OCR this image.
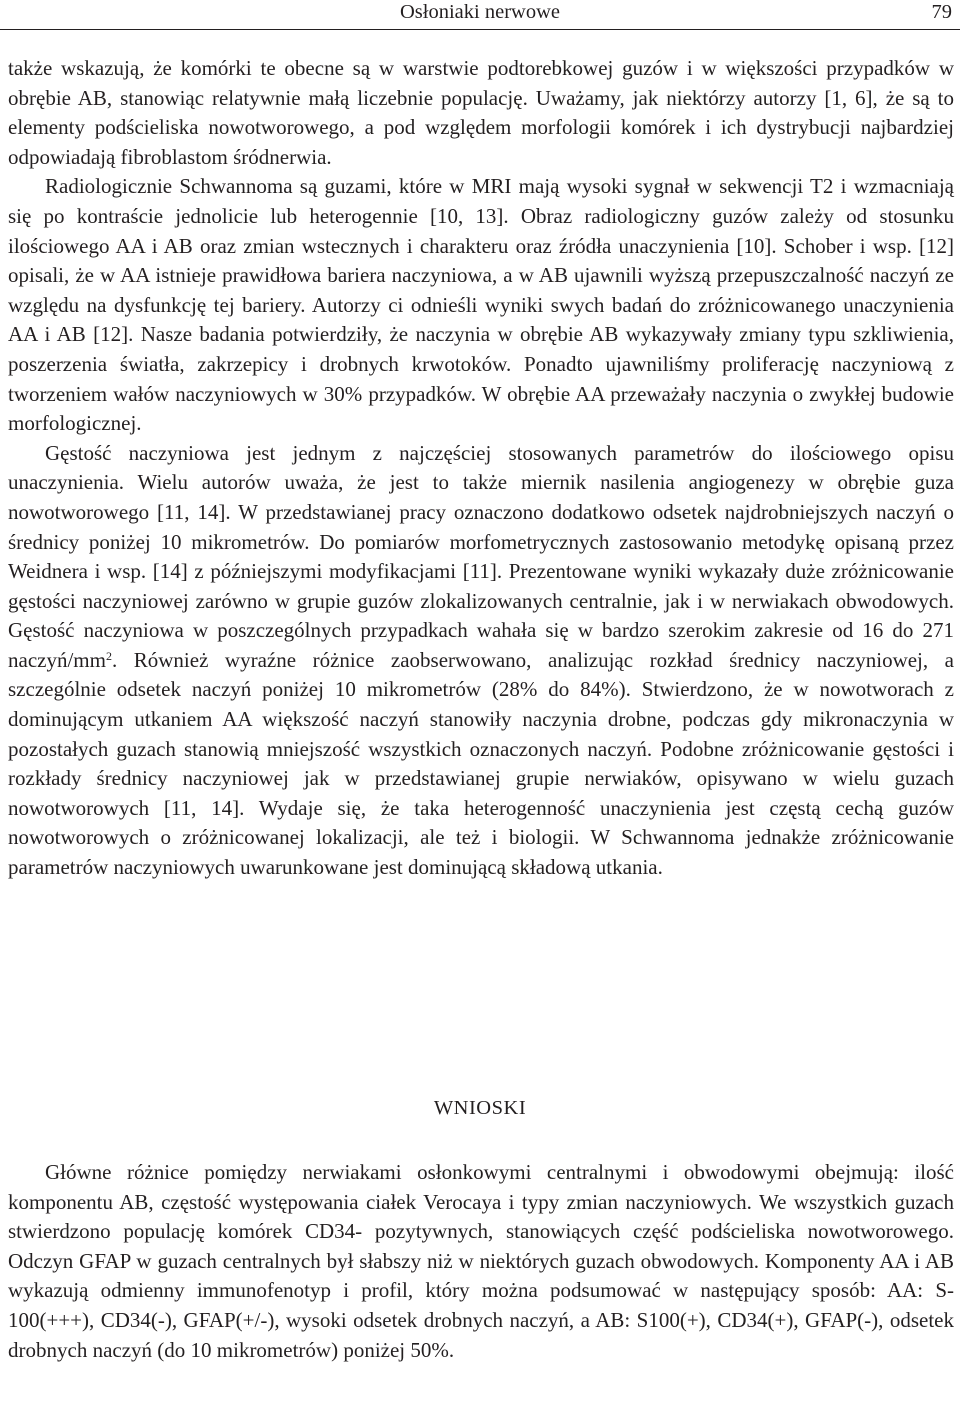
Osłoniaki nerwowe	79

także wskazują, że komórki te obecne są w warstwie podtorebkowej guzów i w większości przypadków w obrębie AB, stanowiąc relatywnie małą liczebnie populację. Uważamy, jak niektórzy autorzy [1, 6], że są to elementy podścieliska nowotworowego, a pod względem morfologii komórek i ich dystrybucji najbardziej odpowiadają fibroblastom śródnerwia.

Radiologicznie Schwannoma są guzami, które w MRI mają wysoki sygnał w sekwencji T2 i wzmacniają się po kontraście jednolicie lub heterogennie [10, 13]. Obraz radiologiczny guzów zależy od stosunku ilościowego AA i AB oraz zmian wstecznych i charakteru oraz źródła unaczynienia [10]. Schober i wsp. [12] opisali, że w AA istnieje prawidłowa bariera naczyniowa, a w AB ujawnili wyższą przepuszczalność naczyń ze względu na dysfunkcję tej bariery. Autorzy ci odnieśli wyniki swych badań do zróżnicowanego unaczynienia AA i AB [12]. Nasze badania potwierdziły, że naczynia w obrębie AB wykazywały zmiany typu szkliwienia, poszerzenia światła, zakrzepicy i drobnych krwotoków. Ponadto ujawniliśmy proliferację naczyniową z tworzeniem wałów naczyniowych w 30% przypadków. W obrębie AA przeważały naczynia o zwykłej budowie morfologicznej.

Gęstość naczyniowa jest jednym z najczęściej stosowanych parametrów do ilościowego opisu unaczynienia. Wielu autorów uważa, że jest to także miernik nasilenia angiogenezy w obrębie guza nowotworowego [11, 14]. W przedstawianej pracy oznaczono dodatkowo odsetek najdrobniejszych naczyń o średnicy poniżej 10 mikrometrów. Do pomiarów morfometrycznych zastosowanio metodykę opisaną przez Weidnera i wsp. [14] z późniejszymi modyfikacjami [11]. Prezentowane wyniki wykazały duże zróżnicowanie gęstości naczyniowej zarówno w grupie guzów zlokalizowanych centralnie, jak i w nerwiakach obwodowych. Gęstość naczyniowa w poszczególnych przypadkach wahała się w bardzo szerokim zakresie od 16 do 271 naczyń/$mm^2$. Również wyraźne różnice zaobserwowano, analizując rozkład średnicy naczyniowej, a szczególnie odsetek naczyń poniżej 10 mikrometrów (28% do 84%). Stwierdzono, że w nowotworach z dominującym utkaniem AA większość naczyń stanowiły naczynia drobne, podczas gdy mikronaczynia w pozostałych guzach stanowią mniejszość wszystkich oznaczonych naczyń. Podobne zróżnicowanie gęstości i rozkłady średnicy naczyniowej jak w przedstawianej grupie nerwiaków, opisywano w wielu guzach nowotworowych [11, 14]. Wydaje się, że taka heterogenność unaczynienia jest częstą cechą guzów nowotworowych o zróżnicowanej lokalizacji, ale też i biologii. W Schwannoma jednakże zróżnicowanie parametrów naczyniowych uwarunkowane jest dominującą składową utkania.

WNIOSKI

Główne różnice pomiędzy nerwiakami osłonkowymi centralnymi i obwodowymi obejmują: ilość komponentu AB, częstość występowania ciałek Verocaya i typy zmian naczyniowych. We wszystkich guzach stwierdzono populację komórek CD34- pozytywnych, stanowiących część podścieliska nowotworowego. Odczyn GFAP w guzach centralnych był słabszy niż w niektórych guzach obwodowych. Komponenty AA i AB wykazują odmienny immunofenotyp i profil, który można podsumować w następujący sposób: AA: S-100(+++), CD34(-), GFAP(+/-), wysoki odsetek drobnych naczyń, a AB: S100(+), CD34(+), GFAP(-), odsetek drobnych naczyń (do 10 mikrometrów) poniżej 50%.
